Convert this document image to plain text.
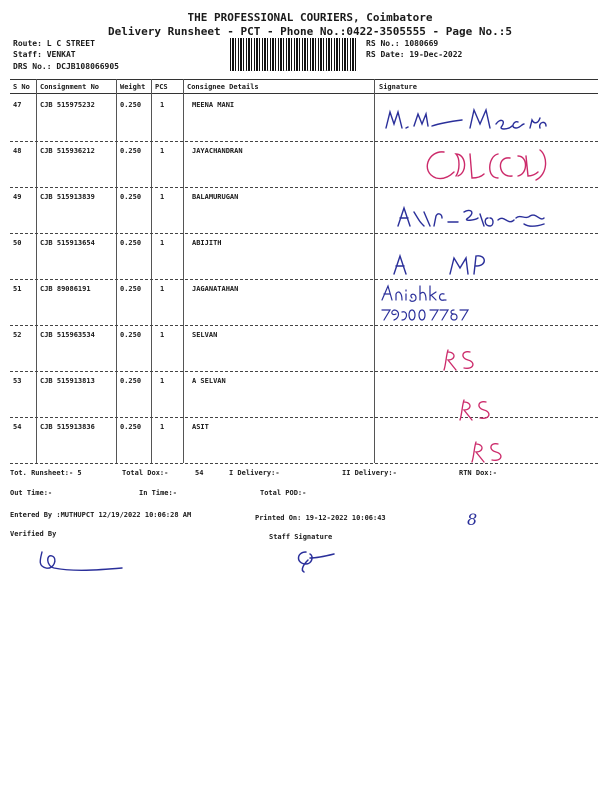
THE PROFESSIONAL COURIERS, Coimbatore
Delivery Runsheet - PCT - Phone No.:0422-3505555 - Page No.:5
Route: L C STREET
Staff: VENKAT
DRS No.: DCJB108066905
RS No.: 1080669
RS Date: 19-Dec-2022
S No Consignment No	Weight PCS	Consignee Details	Signature
47	CJB 515975232	0.250	1	MEENA MANI
48	CJB 515936212	0.250	1	JAYACHANDRAN
49	CJB 515913839	0.250	1	BALAMURUGAN
50	CJB 515913654	0.250	1	ABIJITH
51	CJB 89086191	0.250	1	JAGANATAHAN
52	CJB 515963534	0.250	1	SELVAN
53	CJB 515913813	0.250	1	A SELVAN
54	CJB 515913836	0.250	1	ASIT
Tot. Runsheet:- 5	Total Dox:-	54	I Delivery:-	II Delivery:-	RTN Dox:-
Out Time:-	In Time:-	Total POD:-
Entered By :MUTHUPCT 12/19/2022 10:06:28 AM	Printed On: 19-12-2022 10:06:43	8
Verified By	Staff Signature
